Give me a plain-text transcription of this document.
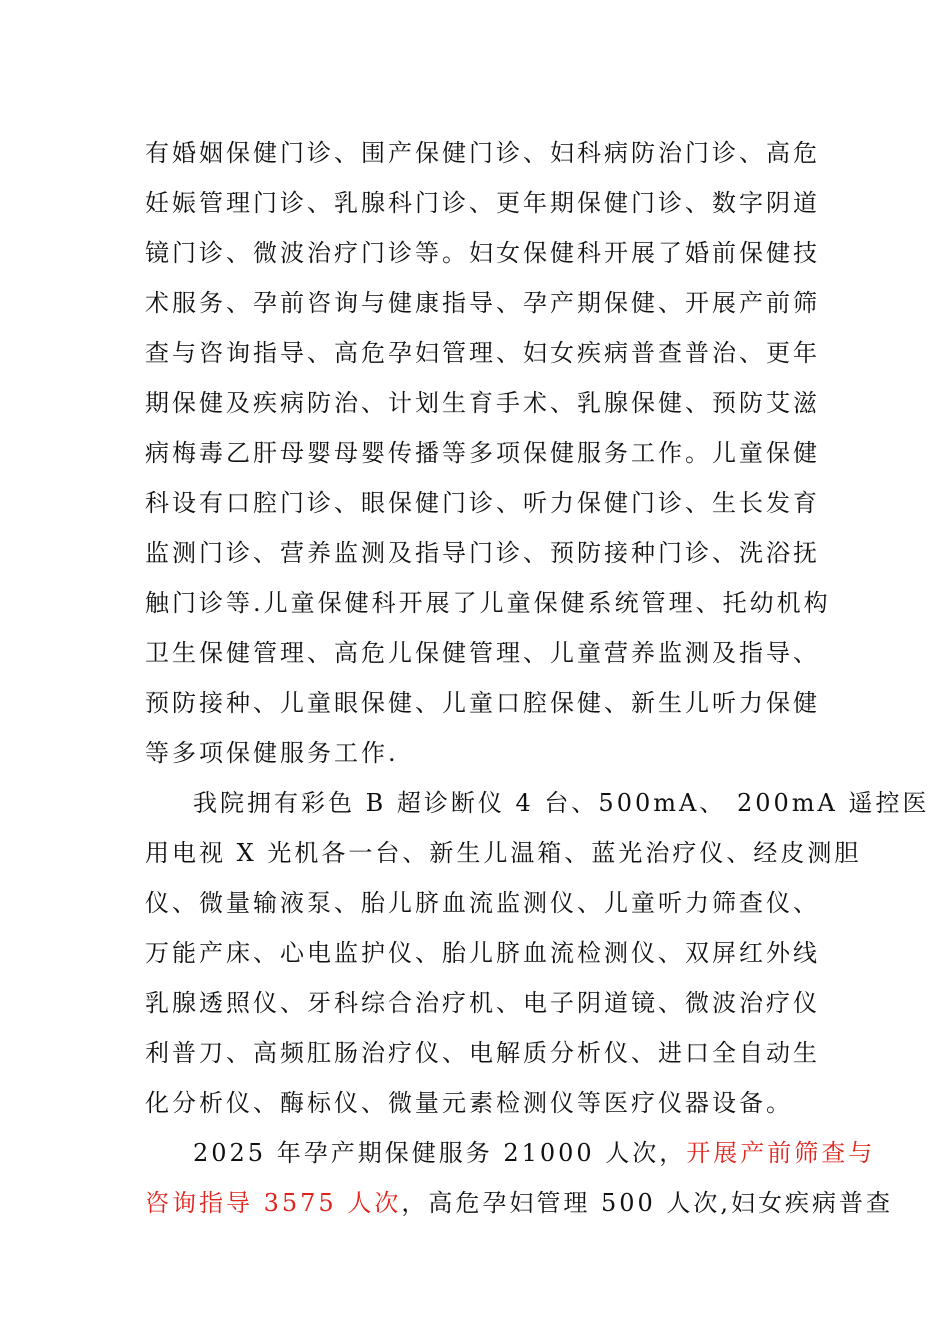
有婚姻保健门诊、围产保健门诊、妇科病防治门诊、高危
妊娠管理门诊、乳腺科门诊、更年期保健门诊、数字阴道
镜门诊、微波治疗门诊等。妇女保健科开展了婚前保健技
术服务、孕前咨询与健康指导、孕产期保健、开展产前筛
查与咨询指导、高危孕妇管理、妇女疾病普查普治、更年
期保健及疾病防治、计划生育手术、乳腺保健、预防艾滋
病梅毒乙肝母婴母婴传播等多项保健服务工作。儿童保健
科设有口腔门诊、眼保健门诊、听力保健门诊、生长发育
监测门诊、营养监测及指导门诊、预防接种门诊、洗浴抚
触门诊等.儿童保健科开展了儿童保健系统管理、托幼机构
卫生保健管理、高危儿保健管理、儿童营养监测及指导、
预防接种、儿童眼保健、儿童口腔保健、新生儿听力保健
等多项保健服务工作.
我院拥有彩色 B 超诊断仪 4 台、500mA、 200mA 遥控医
用电视 X 光机各一台、新生儿温箱、蓝光治疗仪、经皮测胆
仪、微量输液泵、胎儿脐血流监测仪、儿童听力筛查仪、
万能产床、心电监护仪、胎儿脐血流检测仪、双屏红外线
乳腺透照仪、牙科综合治疗机、电子阴道镜、微波治疗仪
利普刀、高频肛肠治疗仪、电解质分析仪、进口全自动生
化分析仪、酶标仪、微量元素检测仪等医疗仪器设备。
2025 年孕产期保健服务 21000 人次，开展产前筛查与
咨询指导 3575 人次，高危孕妇管理 500 人次,妇女疾病普查
